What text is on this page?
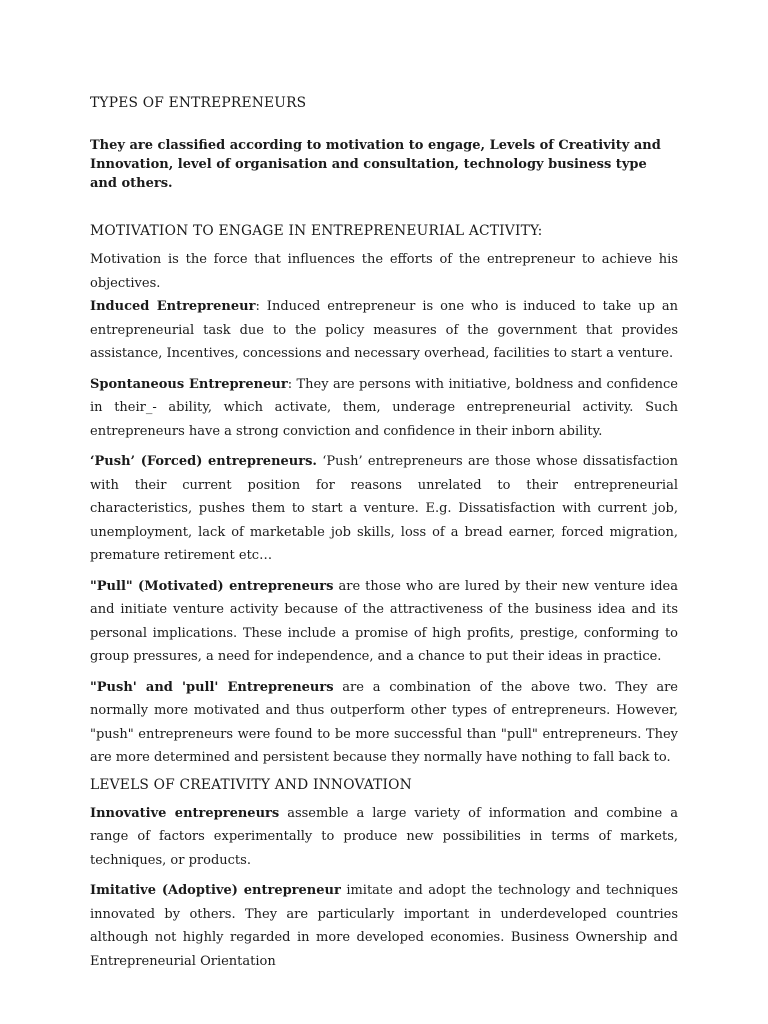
TYPES OF ENTREPRENEURS
They are classified according to motivation to engage, Levels of Creativity and Innovation, level of organisation and consultation, technology business type and others.
MOTIVATION TO ENGAGE IN ENTREPRENEURIAL ACTIVITY:

Motivation is the force that influences the efforts of the entrepreneur to achieve his objectives.

Induced Entrepreneur: Induced entrepreneur is one who is induced to take up an entrepreneurial task due to the policy measures of the government that provides assistance, Incentives, concessions and necessary overhead, facilities to start a venture.

Spontaneous Entrepreneur: They are persons with initiative, boldness and confidence in their_- ability, which activate, them, underage entrepreneurial activity. Such entrepreneurs have a strong conviction and confidence in their inborn ability.

‘Push’ (Forced) entrepreneurs. ‘Push’ entrepreneurs are those whose dissatisfaction with their current position for reasons unrelated to their entrepreneurial characteristics, pushes them to start a venture. E.g. Dissatisfaction with current job, unemployment, lack of marketable job skills, loss of a bread earner, forced migration, premature retirement etc…

"Pull" (Motivated) entrepreneurs are those who are lured by their new venture idea and initiate venture activity because of the attractiveness of the business idea and its personal implications. These include a promise of high profits, prestige, conforming to group pressures, a need for independence, and a chance to put their ideas in practice.

"Push' and 'pull' Entrepreneurs are a combination of the above two. They are normally more motivated and thus outperform other types of entrepreneurs. However, "push" entrepreneurs were found to be more successful than "pull" entrepreneurs. They are more determined and persistent because they normally have nothing to fall back to.

LEVELS OF CREATIVITY AND INNOVATION

Innovative entrepreneurs assemble a large variety of information and combine a range of factors experimentally to produce new possibilities in terms of markets, techniques, or products.

Imitative (Adoptive) entrepreneur imitate and adopt the technology and techniques innovated by others. They are particularly important in underdeveloped countries although not highly regarded in more developed economies. Business Ownership and Entrepreneurial Orientation
